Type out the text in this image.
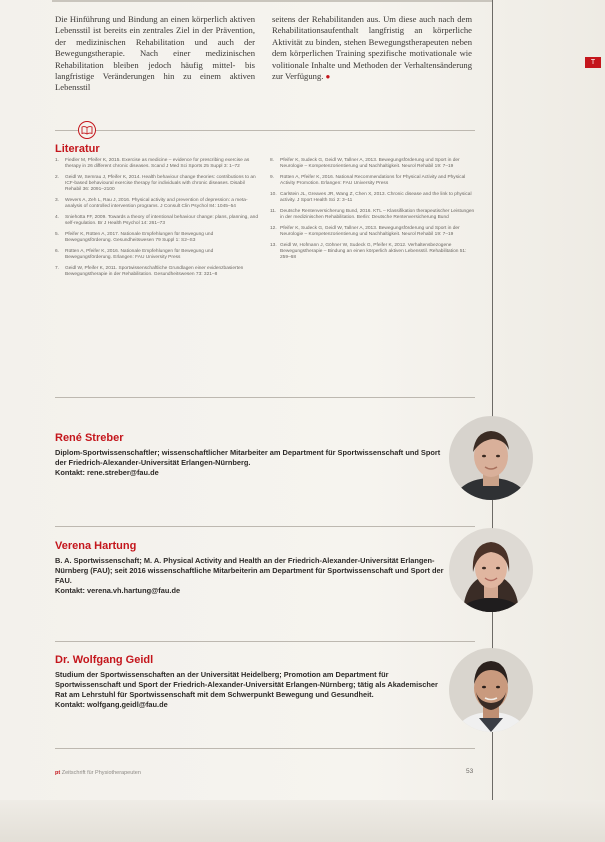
T
Die Hinführung und Bindung an einen körperlich aktiven Lebensstil ist bereits ein zentrales Ziel in der Prävention, der medizinischen Rehabilitation und auch der Bewegungstherapie. Nach einer medizinischen Rehabilitation bleiben jedoch häufig mittel- bis langfristige Veränderungen hin zu einem aktiven Lebensstil
seitens der Rehabilitanden aus. Um diese auch nach dem Rehabilitationsaufenthalt langfristig an körperliche Aktivität zu binden, stehen Bewegungstherapeuten neben dem körperlichen Training spezifische motivationale wie volitionale Inhalte und Methoden der Verhaltensänderung zur Verfügung. ●
Literatur
1. Fiedler M, Pfeifer K, 2015. Exercise as medicine – evidence for prescribing exercise as therapy in 26 different chronic diseases. Scand J Med Sci Sports 25 Suppl 3: 1–72
2. Geidl W, Semrau J, Pfeifer K, 2014. Health behaviour change theories: contributions to an ICF-based behavioural exercise therapy for individuals with chronic diseases. Disabil Rehabil 36: 2091–2100
3. Wevers A, Zeh L, Rau J, 2016. Physical activity and prevention of depression: a meta-analysis of controlled intervention programs. J Consult Clin Psychol 84: 1045–54
4. Sniehotta FF, 2009. Towards a theory of intentional behaviour change: plans, planning, and self-regulation. Br J Health Psychol 14: 261–73
5. Pfeifer K, Rütten A, 2017. Nationale Empfehlungen für Bewegung und Bewegungsförderung. Gesundheitswesen 79 Suppl 1: S2–S3
6. Rütten A, Pfeifer K, 2016. Nationale Empfehlungen für Bewegung und Bewegungsförderung. Erlangen: FAU University Press
7. Geidl W, Pfeifer K, 2011. Sportwissenschaftliche Grundlagen einer evidenzbasierten Bewegungstherapie in der Rehabilitation. Gesundheitswesen 73: 321–8
8. Pfeifer K, Sudeck G, Geidl W, Tallner A, 2013. Bewegungsförderung und Sport in der Neurologie – Kompetenzorientierung und Nachhaltigkeit. Neurol Rehabil 19: 7–19
9. Rütten A, Pfeifer K, 2016. National Recommendations for Physical Activity and Physical Activity Promotion. Erlangen: FAU University Press
10. Carlstein JL, Greaves JR, Wang Z, Chen X, 2013. Chronic disease and the link to physical activity. J Sport Health Sci 2: 3–11
11. Deutsche Rentenversicherung Bund, 2016. KTL – Klassifikation therapeutischer Leistungen in der medizinischen Rehabilitation. Berlin: Deutsche Rentenversicherung Bund
12. Pfeifer K, Sudeck G, Geidl W, Tallner A, 2013. Bewegungsförderung und Sport in der Neurologie – Kompetenzorientierung und Nachhaltigkeit. Neurol Rehabil 19: 7–19
13. Geidl W, Hofmann J, Göhner W, Sudeck G, Pfeifer K, 2012. Verhaltensbezogene Bewegungstherapie – Bindung an einen körperlich aktiven Lebensstil. Rehabilitation 51: 259–68
René Streber
Diplom-Sportwissenschaftler; wissenschaftlicher Mitarbeiter am Department für Sportwissenschaft und Sport der Friedrich-Alexander-Universität Erlangen-Nürnberg.
Kontakt: rene.streber@fau.de
Verena Hartung
B. A. Sportwissenschaft; M. A. Physical Activity and Health an der Friedrich-Alexander-Universität Erlangen-Nürnberg (FAU); seit 2016 wissenschaftliche Mitarbeiterin am Department für Sportwissenschaft und Sport der FAU.
Kontakt: verena.vh.hartung@fau.de
Dr. Wolfgang Geidl
Studium der Sportwissenschaften an der Universität Heidelberg; Promotion am Department für Sportwissenschaft und Sport der Friedrich-Alexander-Universität Erlangen-Nürnberg; tätig als Akademischer Rat am Lehrstuhl für Sportwissenschaft mit dem Schwerpunkt Bewegung und Gesundheit.
Kontakt: wolfgang.geidl@fau.de
pt Zeitschrift für Physiotherapeuten	53
